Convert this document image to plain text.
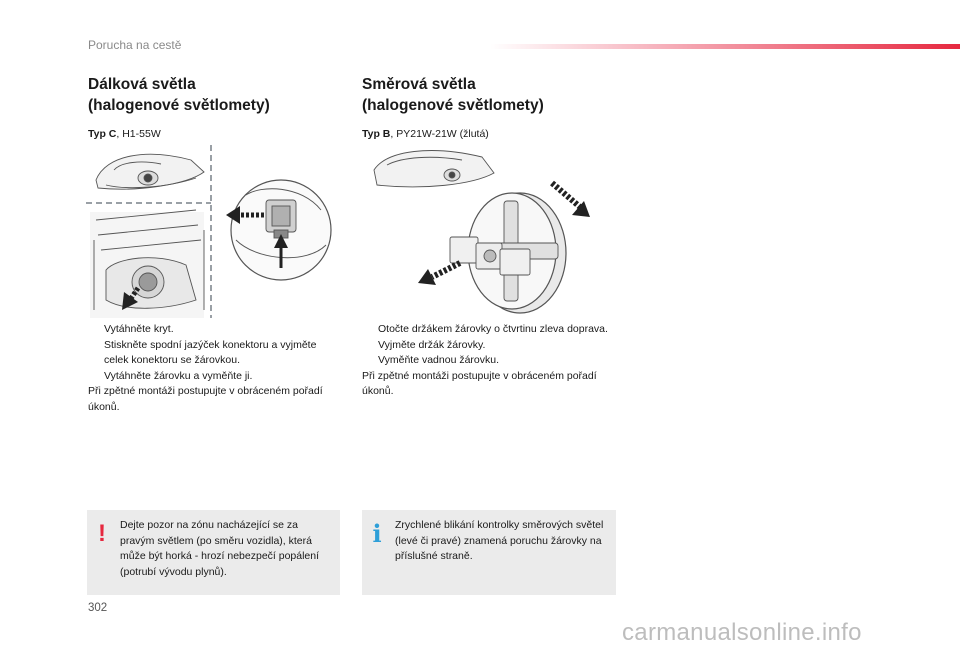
Porucha na cestě
Dálková světla
(halogenové světlomety)
Typ C, H1-55W
Směrová světla
(halogenové světlomety)
Typ B, PY21W-21W (žlutá)
Vytáhněte kryt.
Stiskněte spodní jazýček konektoru a vyjměte celek konektoru se žárovkou.
Vytáhněte žárovku a vyměňte ji.
Při zpětné montáži postupujte v obráceném pořadí úkonů.
Otočte držákem žárovky o čtvrtinu zleva doprava.
Vyjměte držák žárovky.
Vyměňte vadnou žárovku.
Při zpětné montáži postupujte v obráceném pořadí úkonů.
! Dejte pozor na zónu nacházející se za pravým světlem (po směru vozidla), která může být horká - hrozí nebezpečí popálení (potrubí vývodu plynů).
i Zrychlené blikání kontrolky směrových světel (levé či pravé) znamená poruchu žárovky na příslušné straně.
302
carmanualsonline.info
